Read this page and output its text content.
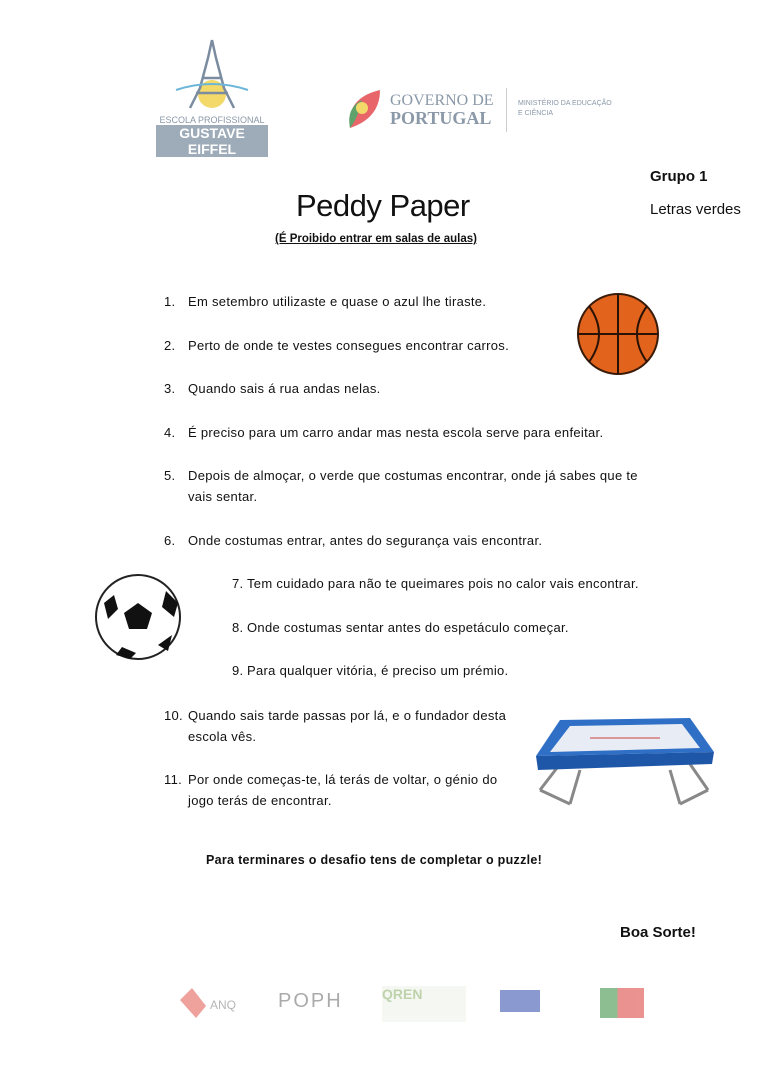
ESCOLA PROFISSIONAL
GUSTAVE EIFFEL
GOVERNO DE
PORTUGAL
MINISTÉRIO DA EDUCAÇÃO
E CIÊNCIA
Grupo 1
Letras verdes
Peddy Paper
(É Proibido entrar em salas de aulas)
1. Em setembro utilizaste e quase o azul lhe tiraste.
2. Perto de onde te vestes consegues encontrar carros.
3. Quando sais á rua andas nelas.
4. É preciso para um carro andar mas nesta escola serve para enfeitar.
5. Depois de almoçar, o verde que costumas encontrar, onde já sabes que te
vais sentar.
6. Onde costumas entrar, antes do segurança vais encontrar.
7. Tem cuidado para não te queimares pois no calor vais encontrar.
8. Onde costumas sentar antes do espetáculo começar.
9. Para qualquer vitória, é preciso um prémio.
10. Quando sais tarde passas por lá, e o fundador desta
escola vês.
11. Por onde começas-te, lá terás de voltar, o génio do
jogo terás de encontrar.
Para terminares o desafio tens de completar o puzzle!
Boa Sorte!
ANQ POPH	QREN
